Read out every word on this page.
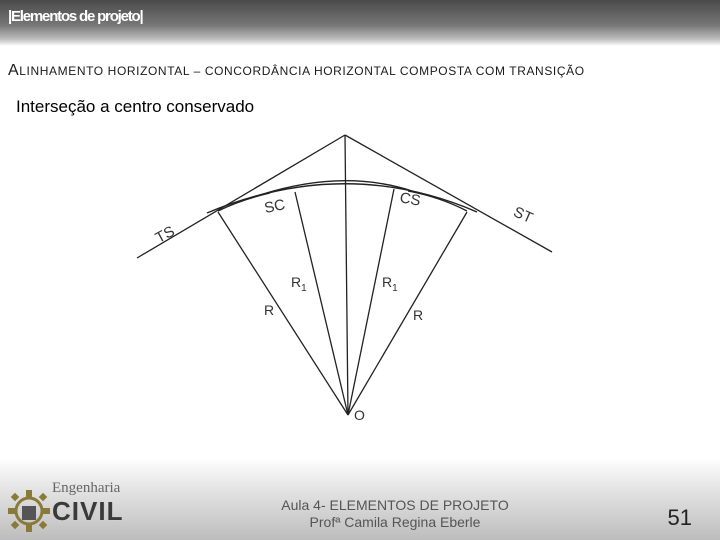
|Elementos de projeto|
ALINHAMENTO HORIZONTAL – CONCORDÂNCIA HORIZONTAL COMPOSTA COM TRANSIÇÃO
Interseção a centro conservado
TS
SC	CS
ST
$R_1$	$R_1$
R	R
O
Engenharia
CIVIL	Aula 4- ELEMENTOS DE PROJETO
Profª Camila Regina Eberle	51
